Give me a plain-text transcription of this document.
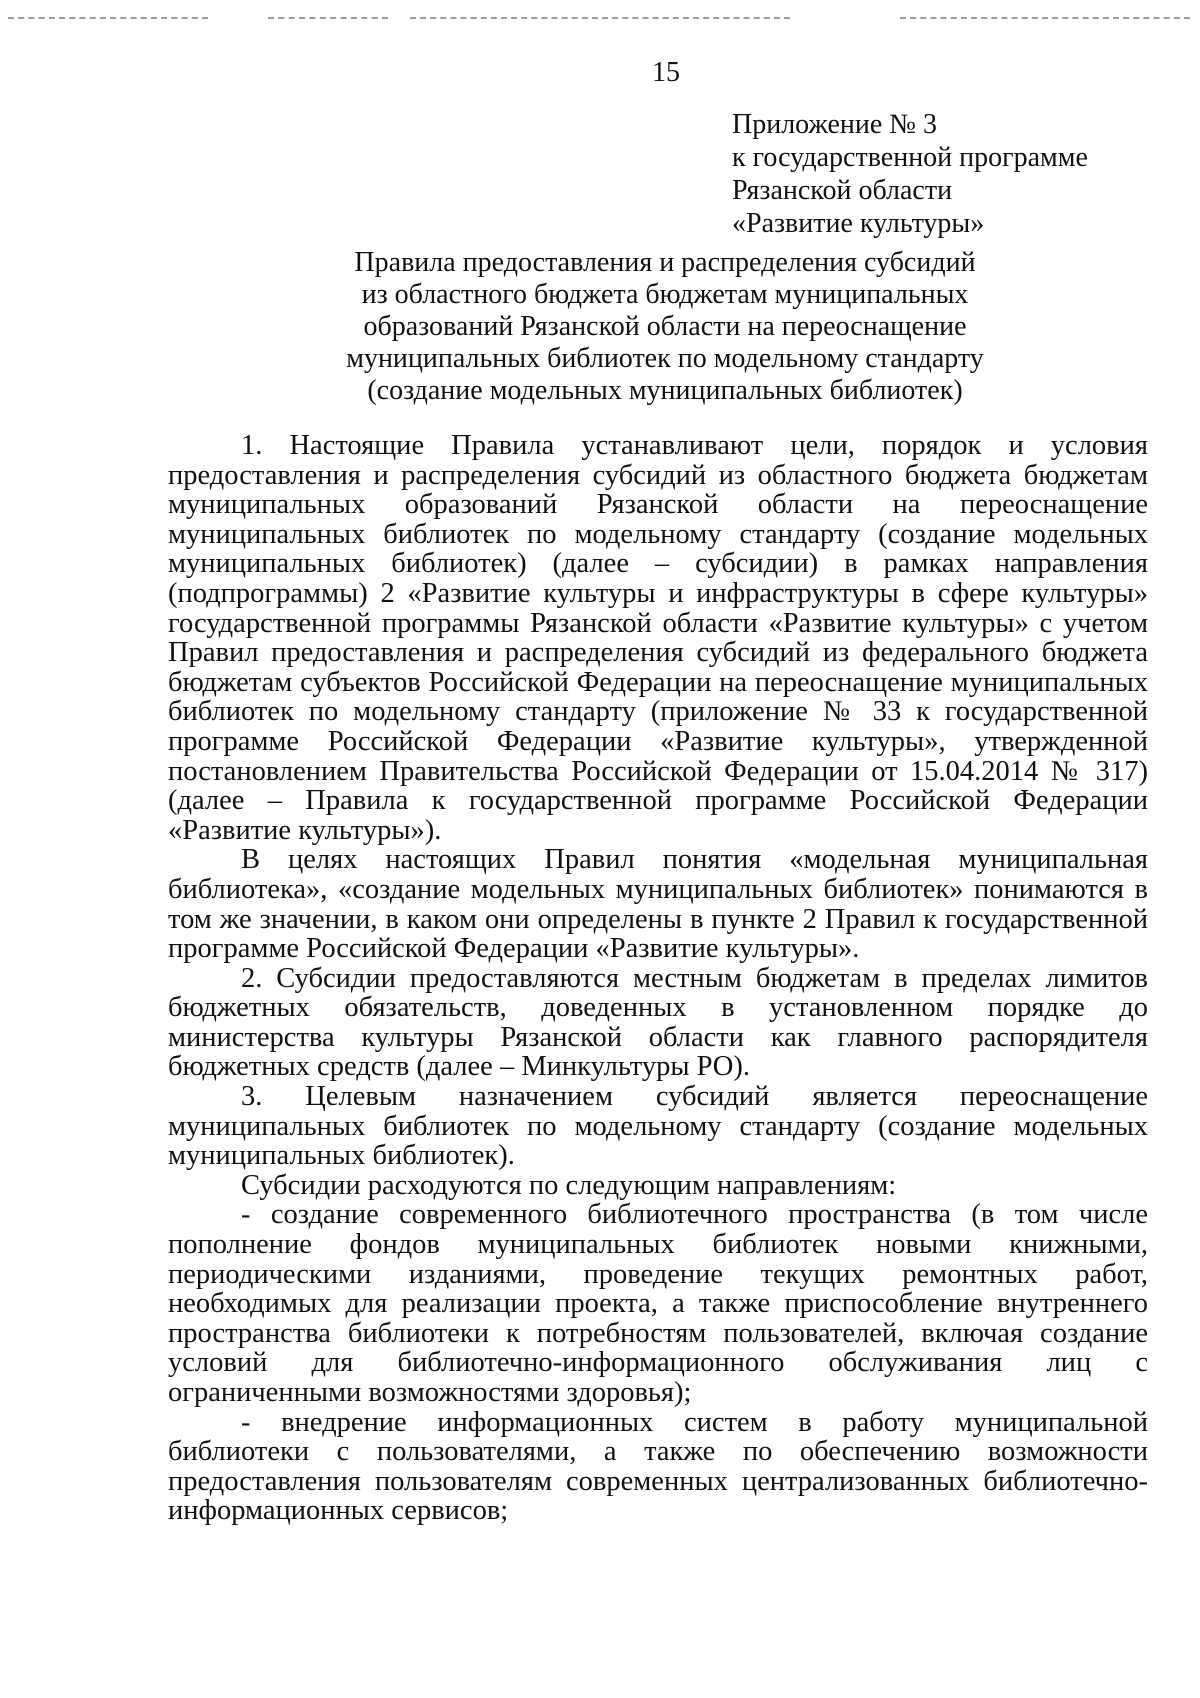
15
Приложение № 3
к государственной программе
Рязанской области
«Развитие культуры»
Правила предоставления и распределения субсидий
из областного бюджета бюджетам муниципальных
образований Рязанской области на переоснащение
муниципальных библиотек по модельному стандарту
(создание модельных муниципальных библиотек)

1. Настоящие Правила устанавливают цели, порядок и условия предоставления и распределения субсидий из областного бюджета бюджетам муниципальных образований Рязанской области на переоснащение муниципальных библиотек по модельному стандарту (создание модельных муниципальных библиотек) (далее – субсидии) в рамках направления (подпрограммы) 2 «Развитие культуры и инфраструктуры в сфере культуры» государственной программы Рязанской области «Развитие культуры» с учетом Правил предоставления и распределения субсидий из федерального бюджета бюджетам субъектов Российской Федерации на переоснащение муниципальных библиотек по модельному стандарту (приложение № 33 к государственной программе Российской Федерации «Развитие культуры», утвержденной постановлением Правительства Российской Федерации от 15.04.2014 № 317) (далее – Правила к государственной программе Российской Федерации «Развитие культуры»).

В целях настоящих Правил понятия «модельная муниципальная библиотека», «создание модельных муниципальных библиотек» понимаются в том же значении, в каком они определены в пункте 2 Правил к государственной программе Российской Федерации «Развитие культуры».

2. Субсидии предоставляются местным бюджетам в пределах лимитов бюджетных обязательств, доведенных в установленном порядке до министерства культуры Рязанской области как главного распорядителя бюджетных средств (далее – Минкультуры РО).

3. Целевым назначением субсидий является переоснащение муниципальных библиотек по модельному стандарту (создание модельных муниципальных библиотек).

Субсидии расходуются по следующим направлениям:

- создание современного библиотечного пространства (в том числе пополнение фондов муниципальных библиотек новыми книжными, периодическими изданиями, проведение текущих ремонтных работ, необходимых для реализации проекта, а также приспособление внутреннего пространства библиотеки к потребностям пользователей, включая создание условий для библиотечно-информационного обслуживания лиц с ограниченными возможностями здоровья);

- внедрение информационных систем в работу муниципальной библиотеки с пользователями, а также по обеспечению возможности предоставления пользователям современных централизованных библиотечно-информационных сервисов;
